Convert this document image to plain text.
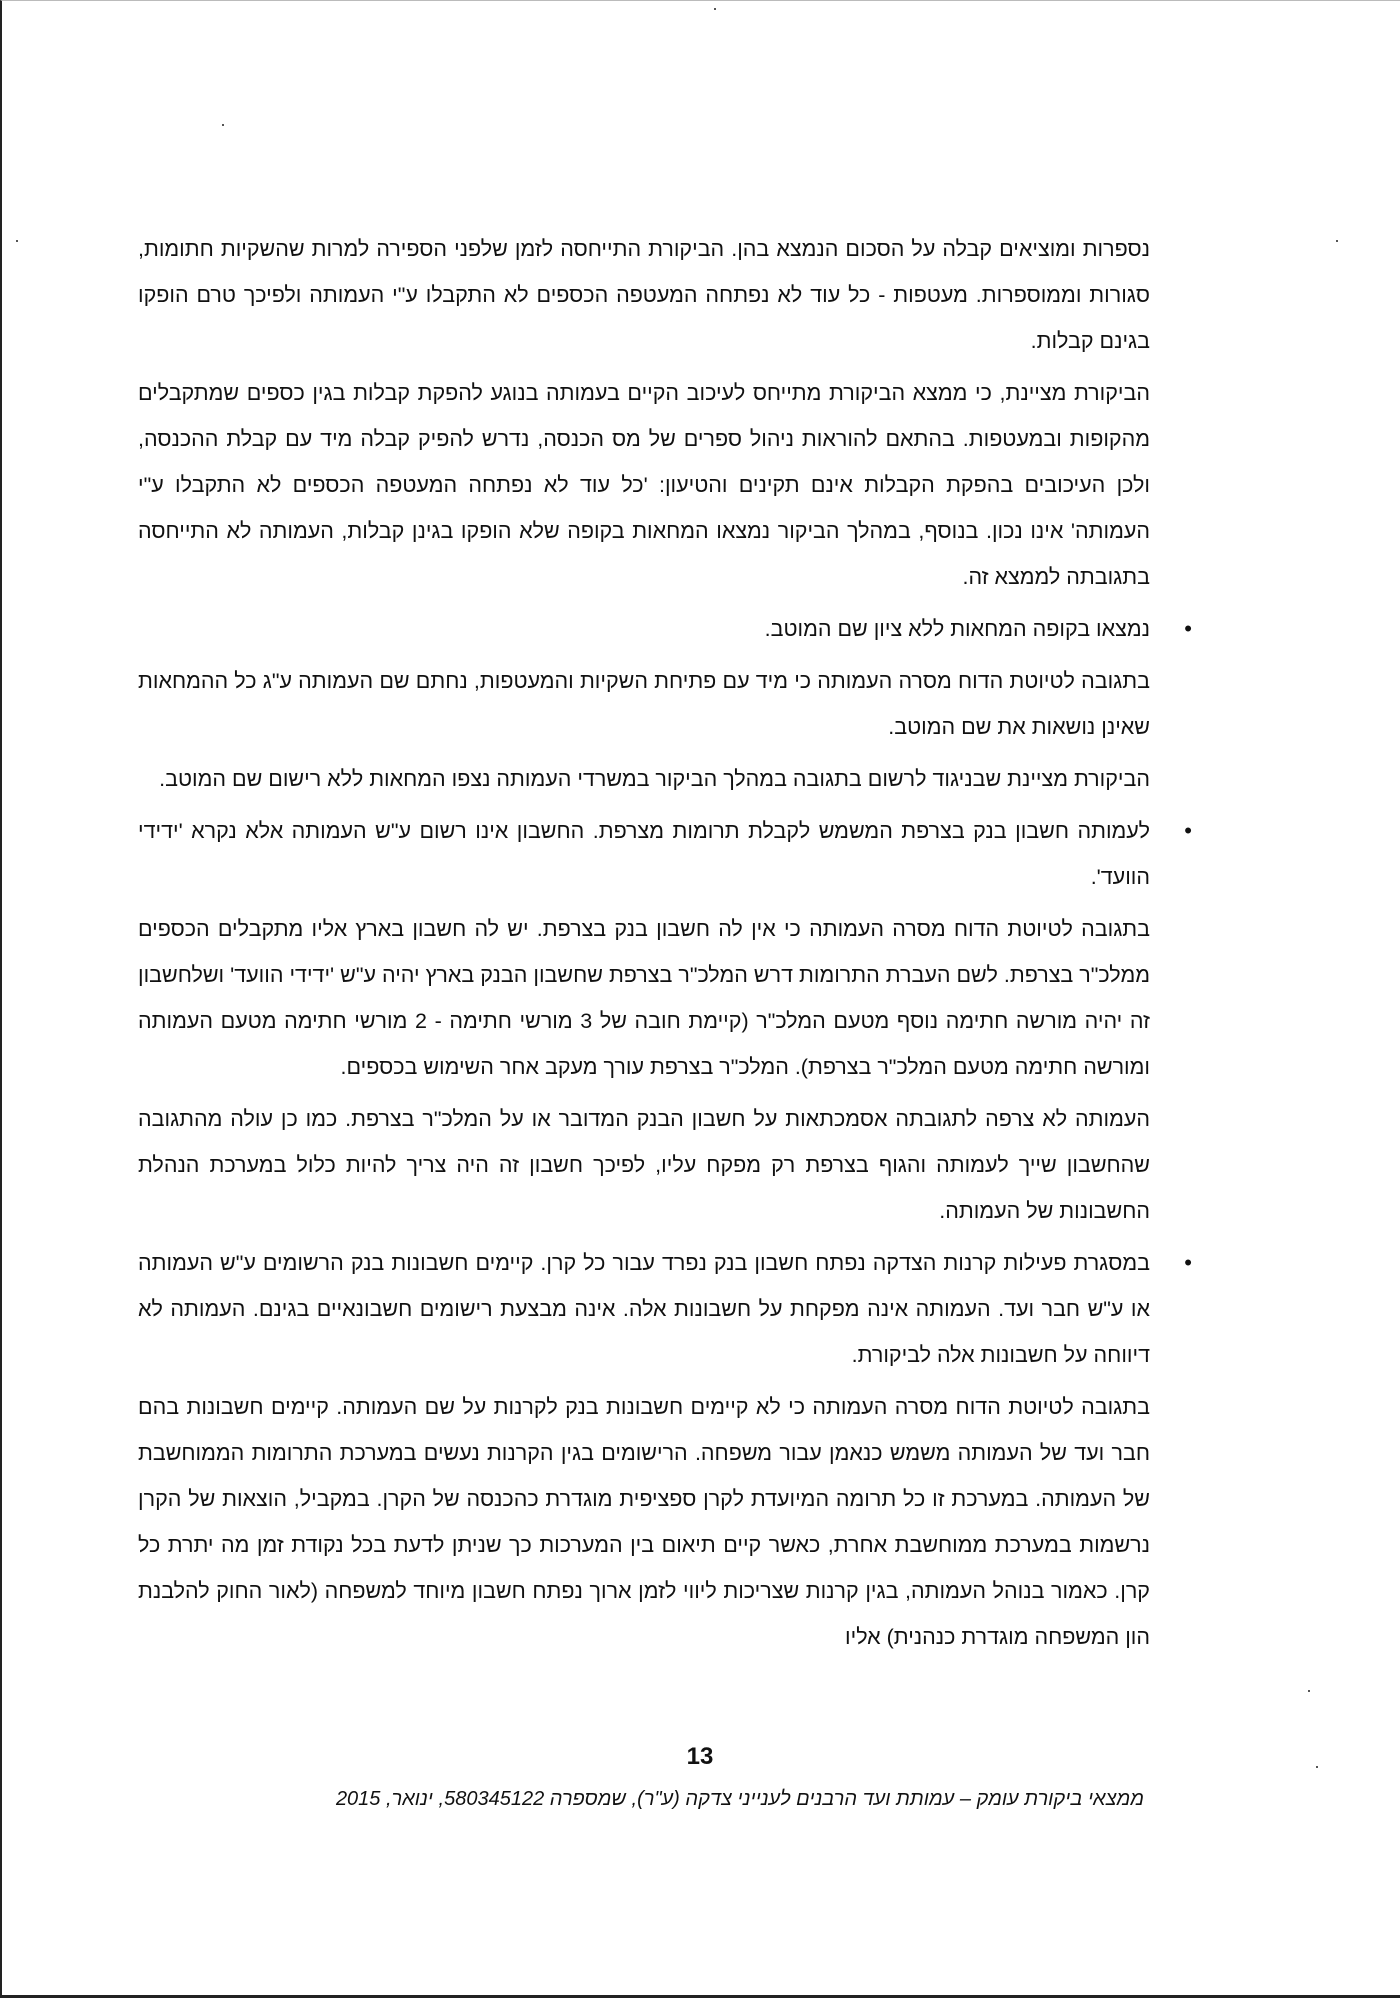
נספרות ומוציאים קבלה על הסכום הנמצא בהן. הביקורת התייחסה לזמן שלפני הספירה למרות שהשקיות חתומות, סגורות וממוספרות. מעטפות - כל עוד לא נפתחה המעטפה הכספים לא התקבלו ע"י העמותה ולפיכך טרם הופקו בגינם קבלות.

הביקורת מציינת, כי ממצא הביקורת מתייחס לעיכוב הקיים בעמותה בנוגע להפקת קבלות בגין כספים שמתקבלים מהקופות ובמעטפות. בהתאם להוראות ניהול ספרים של מס הכנסה, נדרש להפיק קבלה מיד עם קבלת ההכנסה, ולכן העיכובים בהפקת הקבלות אינם תקינים והטיעון: 'כל עוד לא נפתחה המעטפה הכספים לא התקבלו ע"י העמותה' אינו נכון. בנוסף, במהלך הביקור נמצאו המחאות בקופה שלא הופקו בגינן קבלות, העמותה לא התייחסה בתגובתה לממצא זה.

•
נמצאו בקופה המחאות ללא ציון שם המוטב.

בתגובה לטיוטת הדוח מסרה העמותה כי מיד עם פתיחת השקיות והמעטפות, נחתם שם העמותה ע"ג כל ההמחאות שאינן נושאות את שם המוטב.

הביקורת מציינת שבניגוד לרשום בתגובה במהלך הביקור במשרדי העמותה נצפו המחאות ללא רישום שם המוטב.

•
לעמותה חשבון בנק בצרפת המשמש לקבלת תרומות מצרפת. החשבון אינו רשום ע"ש העמותה אלא נקרא 'ידידי הוועד'.

בתגובה לטיוטת הדוח מסרה העמותה כי אין לה חשבון בנק בצרפת. יש לה חשבון בארץ אליו מתקבלים הכספים ממלכ"ר בצרפת. לשם העברת התרומות דרש המלכ"ר בצרפת שחשבון הבנק בארץ יהיה ע"ש 'ידידי הוועד' ושלחשבון זה יהיה מורשה חתימה נוסף מטעם המלכ"ר (קיימת חובה של 3 מורשי חתימה - 2 מורשי חתימה מטעם העמותה ומורשה חתימה מטעם המלכ"ר בצרפת). המלכ"ר בצרפת עורך מעקב אחר השימוש בכספים.

העמותה לא צרפה לתגובתה אסמכתאות על חשבון הבנק המדובר או על המלכ"ר בצרפת. כמו כן עולה מהתגובה שהחשבון שייך לעמותה והגוף בצרפת רק מפקח עליו, לפיכך חשבון זה היה צריך להיות כלול במערכת הנהלת החשבונות של העמותה.

•
במסגרת פעילות קרנות הצדקה נפתח חשבון בנק נפרד עבור כל קרן. קיימים חשבונות בנק הרשומים ע"ש העמותה או ע"ש חבר ועד. העמותה אינה מפקחת על חשבונות אלה. אינה מבצעת רישומים חשבונאיים בגינם. העמותה לא דיווחה על חשבונות אלה לביקורת.

בתגובה לטיוטת הדוח מסרה העמותה כי לא קיימים חשבונות בנק לקרנות על שם העמותה. קיימים חשבונות בהם חבר ועד של העמותה משמש כנאמן עבור משפחה. הרישומים בגין הקרנות נעשים במערכת התרומות הממוחשבת של העמותה. במערכת זו כל תרומה המיועדת לקרן ספציפית מוגדרת כהכנסה של הקרן. במקביל, הוצאות של הקרן נרשמות במערכת ממוחשבת אחרת, כאשר קיים תיאום בין המערכות כך שניתן לדעת בכל נקודת זמן מה יתרת כל קרן. כאמור בנוהל העמותה, בגין קרנות שצריכות ליווי לזמן ארוך נפתח חשבון מיוחד למשפחה (לאור החוק להלבנת הון המשפחה מוגדרת כנהנית) אליו

13
ממצאי ביקורת עומק – עמותת ועד הרבנים לענייני צדקה (ע"ר), שמספרה 580345122, ינואר, 2015
